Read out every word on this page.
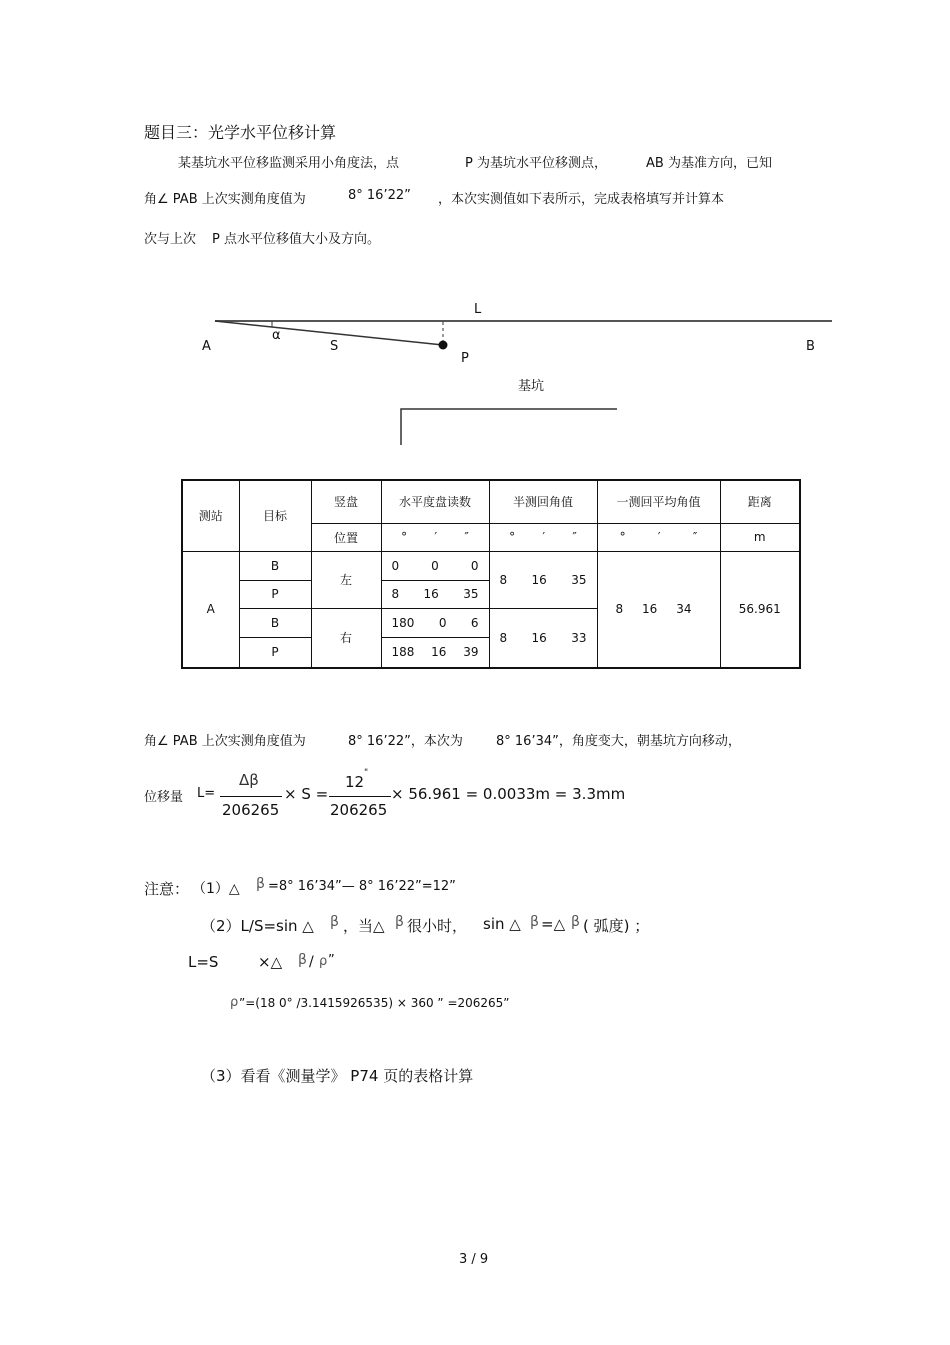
题目三：光学水平位移计算
某基坑水平位移监测采用小角度法，点	P 为基坑水平位移测点，	AB 为基准方向，已知
角∠ PAB 上次实测角度值为	8° 16’22” ，本次实测值如下表所示，完成表格填写并计算本
次与上次 P 点水平位移值大小及方向。
L
A
α
S
P
B
基坑
测站	目标	竖盘	水平度盘读数	半测回角值	一测回平均角值	距离
		位置	° ′ ″	° ′ ″	° ′ ″	m
A	B	左	0 0 0	8 16 35	8 16 34	56.961
	P		8 16 35			

	B	右	180 0 6	8 16 33		

	P		188 16 39			
角∠ PAB 上次实测角度值为	8° 16’22”，本次为	8° 16’34”，角度变大，朝基坑方向移动，
位移量 L=
Δβ
206265
× S =
12 "
206265
× 56.961 = 0.0033m = 3.3mm
注意： （1）△ β =8° 16’34”— 8° 16’22”=12”
（2）L/S=sin △ β ，当△ β 很小时， sin △ β =△ β ( 弧度) ；
L=S	×△ β / ρ ”
ρ ”=(18 0° /3.1415926535) × 360 ” =206265”
（3）看看《测量学》 P74 页的表格计算
3 / 9
